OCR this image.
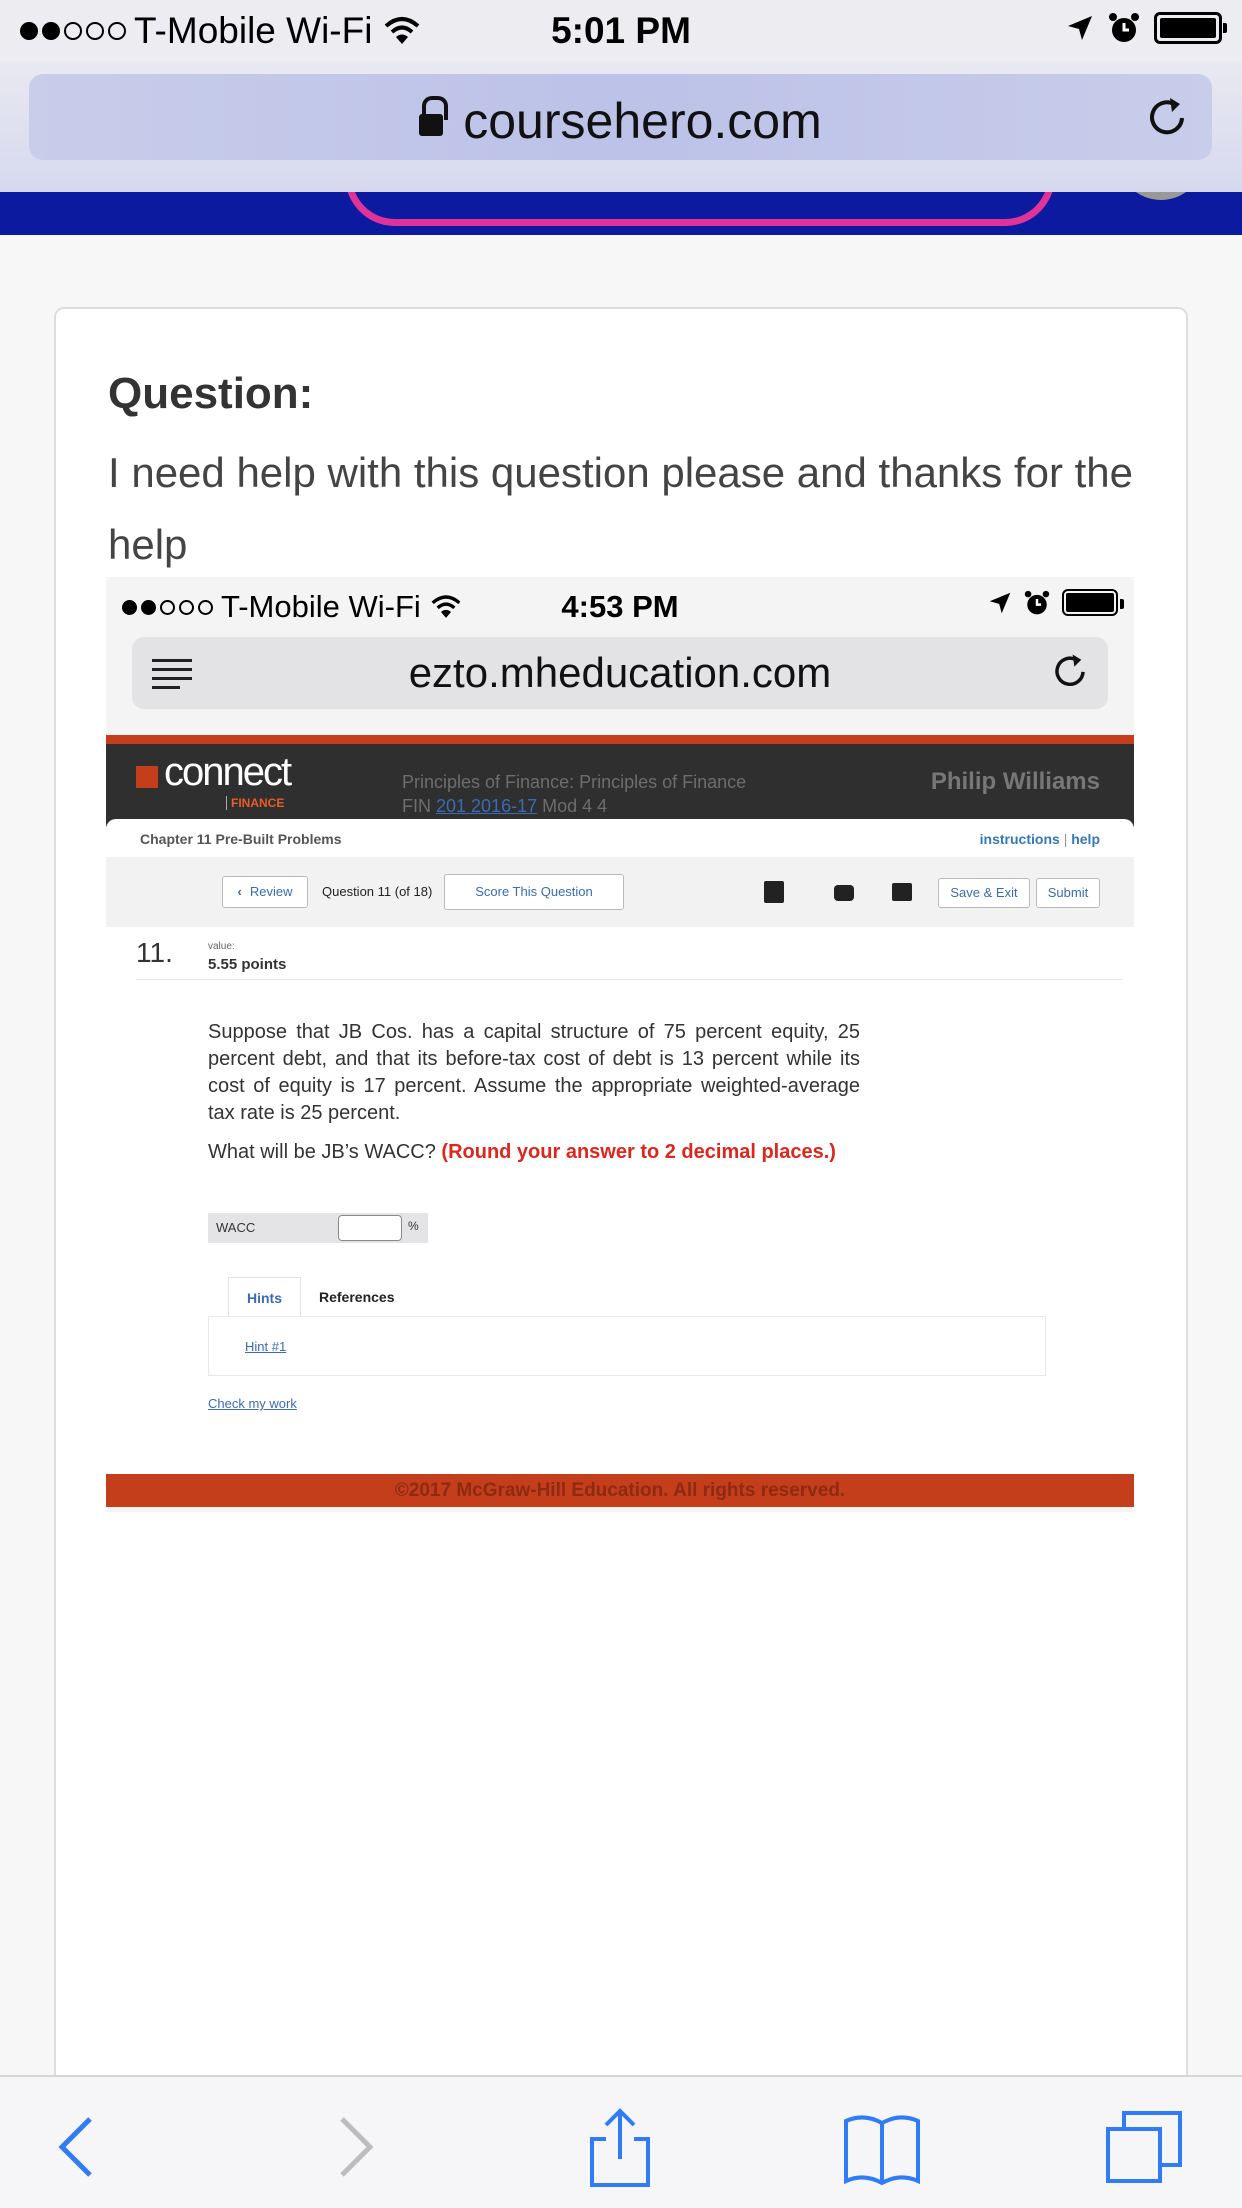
T-Mobile Wi-Fi	5:01 PM
coursehero.com
Question:
I need help with this question please and thanks for the help
T-Mobile Wi-Fi	4:53 PM
ezto.mheducation.com
connect
FINANCE
Principles of Finance: Principles of Finance
FIN 201 2016-17 Mod 4 4
Philip Williams
Chapter 11 Pre-Built Problems	instructions | help
‹ Review	Question 11 (of 18)	Score This Question	Save & Exit	Submit
11.	value:
5.55 points
Suppose that JB Cos. has a capital structure of 75 percent equity, 25 percent debt, and that its before-tax cost of debt is 13 percent while its cost of equity is 17 percent. Assume the appropriate weighted-average tax rate is 25 percent.
What will be JB’s WACC? (Round your answer to 2 decimal places.)
WACC	%
Hints	References
Hint #1
Check my work
©2017 McGraw-Hill Education. All rights reserved.
